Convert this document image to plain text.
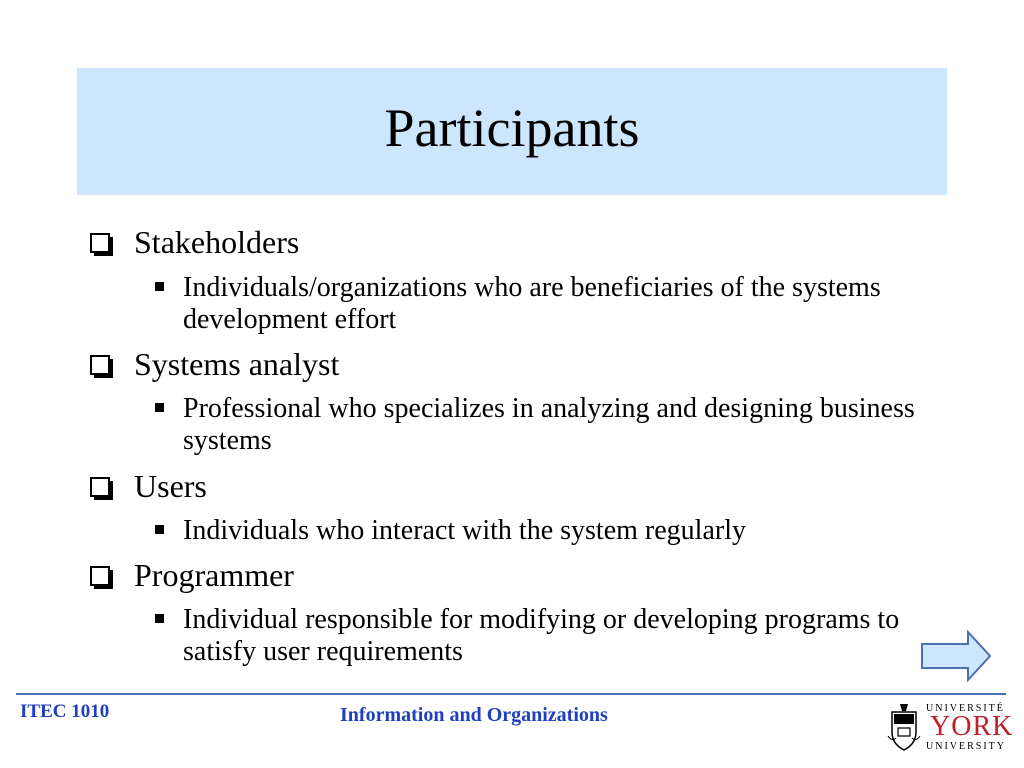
Participants
Stakeholders
Individuals/organizations who are beneficiaries of the systems development effort
Systems analyst
Professional who specializes in analyzing and designing business systems
Users
Individuals who interact with the system regularly
Programmer
Individual responsible for modifying or developing programs to satisfy user requirements
ITEC 1010	Information and Organizations	UNIVERSITÉ
YORK
UNIVERSITY
